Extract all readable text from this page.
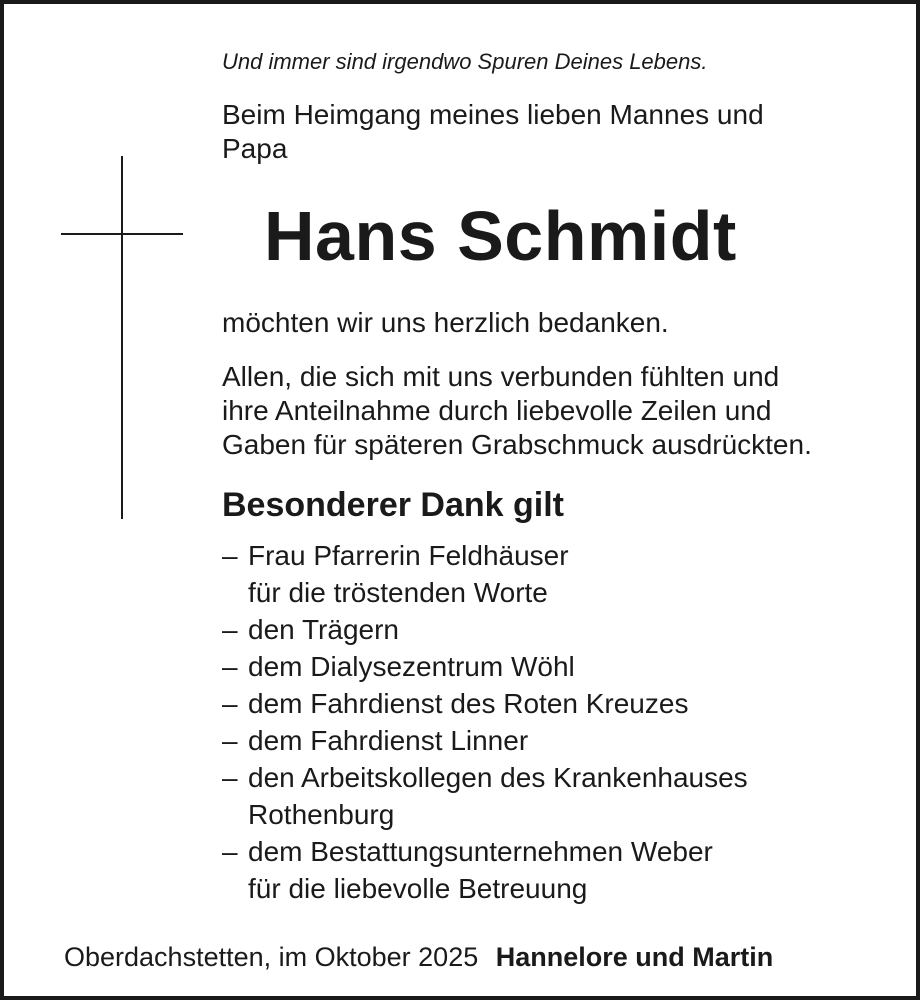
Und immer sind irgendwo Spuren Deines Lebens.
Beim Heimgang meines lieben Mannes und
Papa
Hans Schmidt
möchten wir uns herzlich bedanken.
Allen, die sich mit uns verbunden fühlten und
ihre Anteilnahme durch liebevolle Zeilen und
Gaben für späteren Grabschmuck ausdrückten.
Besonderer Dank gilt
– Frau Pfarrerin Feldhäuser
für die tröstenden Worte
– den Trägern
– dem Dialysezentrum Wöhl
– dem Fahrdienst des Roten Kreuzes
– dem Fahrdienst Linner
– den Arbeitskollegen des Krankenhauses
Rothenburg
– dem Bestattungsunternehmen Weber
für die liebevolle Betreuung
Oberdachstetten, im Oktober 2025 Hannelore und Martin
